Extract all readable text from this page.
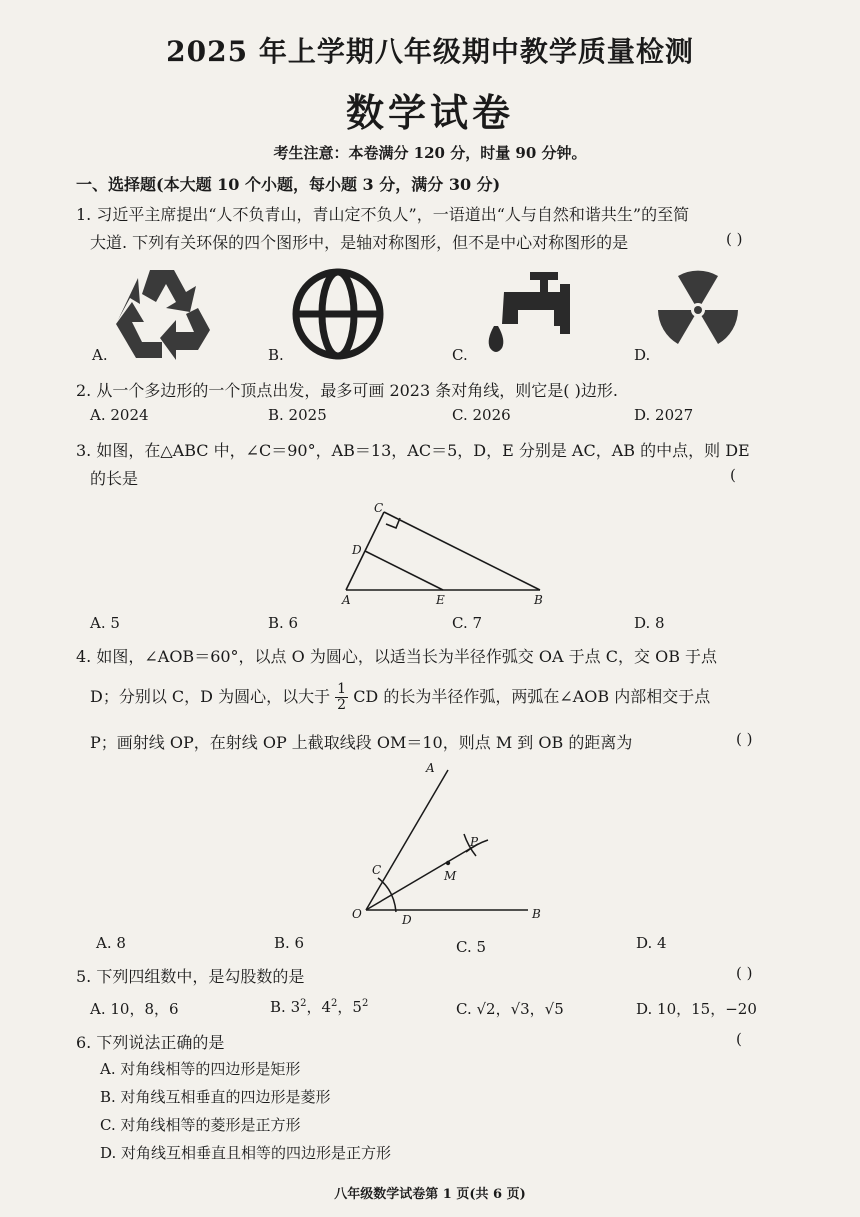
2025 年上学期八年级期中教学质量检测
数学试卷
考生注意：本卷满分 120 分，时量 90 分钟。
一、选择题(本大题 10 个小题，每小题 3 分，满分 30 分)
1. 习近平主席提出“人不负青山，青山定不负人”，一语道出“人与自然和谐共生”的至简
大道. 下列有关环保的四个图形中，是轴对称图形，但不是中心对称图形的是	( )
A.	B.	C.	D.
2. 从一个多边形的一个顶点出发，最多可画 2023 条对角线，则它是( )边形.
A. 2024	B. 2025	C. 2026	D. 2027
3. 如图，在△ABC 中，∠C＝90°，AB＝13，AC＝5，D，E 分别是 AC，AB 的中点，则 DE
的长是	(
C
D
A	E	B
A. 5	B. 6	C. 7	D. 8
4. 如图，∠AOB＝60°，以点 O 为圆心，以适当长为半径作弧交 OA 于点 C，交 OB 于点
D；分别以 C，D 为圆心，以大于 $\frac{1}{2}$ CD 的长为半径作弧，两弧在∠AOB 内部相交于点
P；画射线 OP，在射线 OP 上截取线段 OM＝10，则点 M 到 OB 的距离为	( )
A
P
C	M
O	D	B
A. 8	B. 6	C. 5	D. 4
5. 下列四组数中，是勾股数的是	( )
A. 10，8，6	B. $3^2$，$4^2$，$5^2$	C. √2，√3，√5	D. 10，15，−20
6. 下列说法正确的是	(
A. 对角线相等的四边形是矩形
B. 对角线互相垂直的四边形是菱形
C. 对角线相等的菱形是正方形
D. 对角线互相垂直且相等的四边形是正方形
八年级数学试卷第 1 页(共 6 页)
